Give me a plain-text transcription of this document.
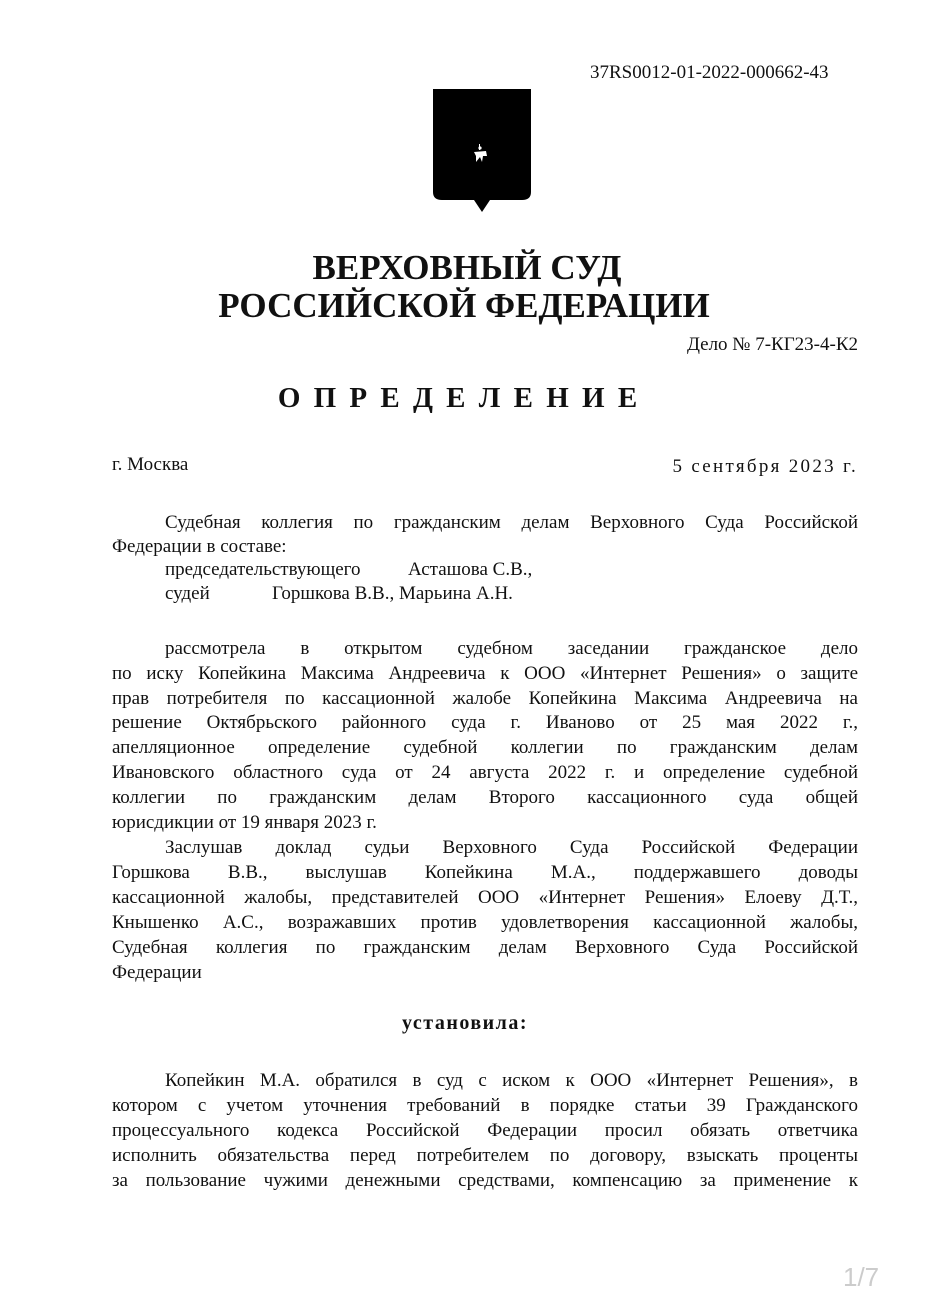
37RS0012-01-2022-000662-43
ВЕРХОВНЫЙ СУД
РОССИЙСКОЙ ФЕДЕРАЦИИ
Дело № 7-КГ23-4-К2
О П Р Е Д Е Л Е Н И Е
г. Москва	5 сентября 2023 г.
Судебная коллегия по гражданским делам Верховного Суда Российской
Федерации в составе:
председательствующего	Асташова С.В.,
судей	Горшкова В.В., Марьина А.Н.
рассмотрела в открытом судебном заседании гражданское дело
по иску Копейкина Максима Андреевича к ООО «Интернет Решения» о защите
прав потребителя по кассационной жалобе Копейкина Максима Андреевича на
решение Октябрьского районного суда г. Иваново от 25 мая 2022 г.,
апелляционное определение судебной коллегии по гражданским делам
Ивановского областного суда от 24 августа 2022 г. и определение судебной
коллегии по гражданским делам Второго кассационного суда общей
юрисдикции от 19 января 2023 г.
Заслушав доклад судьи Верховного Суда Российской Федерации
Горшкова В.В., выслушав Копейкина М.А., поддержавшего доводы
кассационной жалобы, представителей ООО «Интернет Решения» Елоеву Д.Т.,
Кнышенко А.С., возражавших против удовлетворения кассационной жалобы,
Судебная коллегия по гражданским делам Верховного Суда Российской
Федерации
установила:
Копейкин М.А. обратился в суд с иском к ООО «Интернет Решения», в
котором с учетом уточнения требований в порядке статьи 39 Гражданского
процессуального кодекса Российской Федерации просил обязать ответчика
исполнить обязательства перед потребителем по договору, взыскать проценты
за пользование чужими денежными средствами, компенсацию за применение к
1/7
